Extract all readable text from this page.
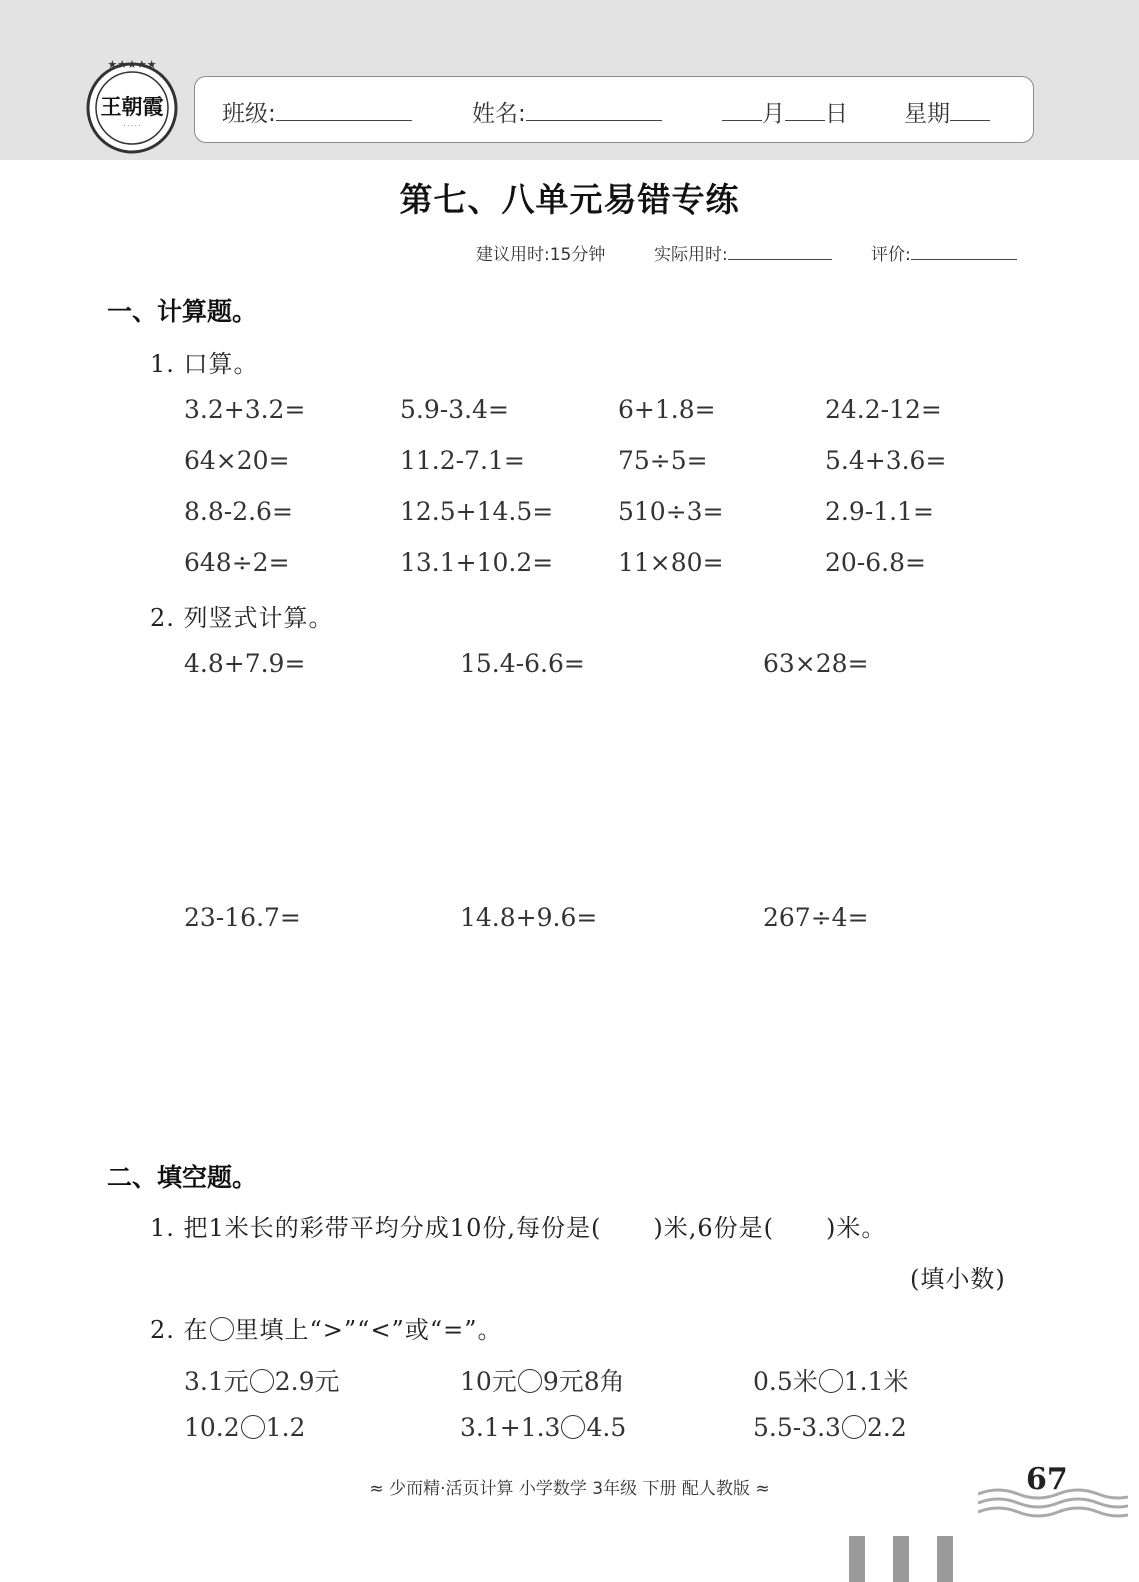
★★★★★
王朝霞
· · · · ·	班级:	姓名:	月 日 星期
第七、八单元易错专练
建议用时:15分钟	实际用时:	评价:
一、计算题。
1. 口算。
3.2+3.2=	5.9-3.4=	6+1.8=	24.2-12=
64×20=	11.2-7.1=	75÷5=	5.4+3.6=
8.8-2.6=	12.5+14.5=	510÷3=	2.9-1.1=
648÷2=	13.1+10.2=	11×80=	20-6.8=
2. 列竖式计算。
4.8+7.9=	15.4-6.6=	63×28=
23-16.7=	14.8+9.6=	267÷4=
二、填空题。
1. 把1米长的彩带平均分成10份,每份是( )米,6份是( )米。
(填小数)
2. 在 里填上“>”“<”或“=”。
3.1元 2.9元	10元 9元8角	0.5米 1.1米
10.2 1.2	3.1+1.3 4.5	5.5-3.3 2.2
≈ 少而精·活页计算 小学数学 3年级 下册 配人教版 ≈	67
